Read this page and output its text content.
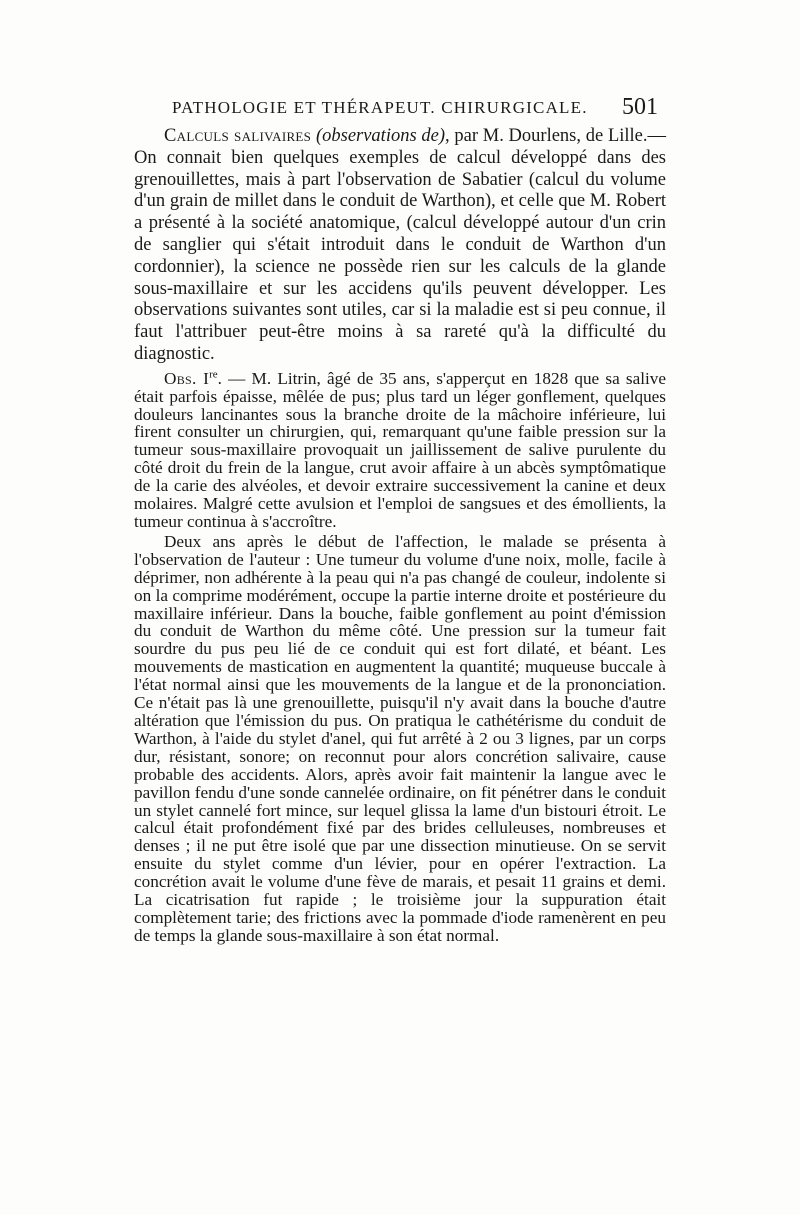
PATHOLOGIE ET THÉRAPEUT. CHIRURGICALE. 501

Calculs salivaires (observations de), par M. Dourlens, de Lille.— On connait bien quelques exemples de calcul développé dans des grenouillettes, mais à part l'observation de Sabatier (calcul du volume d'un grain de millet dans le conduit de Warthon), et celle que M. Robert a présenté à la société anatomique, (calcul développé autour d'un crin de sanglier qui s'était introduit dans le conduit de Warthon d'un cordonnier), la science ne possède rien sur les calculs de la glande sous-maxillaire et sur les accidens qu'ils peuvent développer. Les observations suivantes sont utiles, car si la maladie est si peu connue, il faut l'attribuer peut-être moins à sa rareté qu'à la difficulté du diagnostic.

Obs. Ire. — M. Litrin, âgé de 35 ans, s'apperçut en 1828 que sa salive était parfois épaisse, mêlée de pus; plus tard un léger gonflement, quelques douleurs lancinantes sous la branche droite de la mâchoire inférieure, lui firent consulter un chirurgien, qui, remarquant qu'une faible pression sur la tumeur sous-maxillaire provoquait un jaillissement de salive purulente du côté droit du frein de la langue, crut avoir affaire à un abcès symptômatique de la carie des alvéoles, et devoir extraire successivement la canine et deux molaires. Malgré cette avulsion et l'emploi de sangsues et des émollients, la tumeur continua à s'accroître.

Deux ans après le début de l'affection, le malade se présenta à l'observation de l'auteur : Une tumeur du volume d'une noix, molle, facile à déprimer, non adhérente à la peau qui n'a pas changé de couleur, indolente si on la comprime modérément, occupe la partie interne droite et postérieure du maxillaire inférieur. Dans la bouche, faible gonflement au point d'émission du conduit de Warthon du même côté. Une pression sur la tumeur fait sourdre du pus peu lié de ce conduit qui est fort dilaté, et béant. Les mouvements de mastication en augmentent la quantité; muqueuse buccale à l'état normal ainsi que les mouvements de la langue et de la prononciation. Ce n'était pas là une grenouillette, puisqu'il n'y avait dans la bouche d'autre altération que l'émission du pus. On pratiqua le cathétérisme du conduit de Warthon, à l'aide du stylet d'anel, qui fut arrêté à 2 ou 3 lignes, par un corps dur, résistant, sonore; on reconnut pour alors concrétion salivaire, cause probable des accidents. Alors, après avoir fait maintenir la langue avec le pavillon fendu d'une sonde cannelée ordinaire, on fit pénétrer dans le conduit un stylet cannelé fort mince, sur lequel glissa la lame d'un bistouri étroit. Le calcul était profondément fixé par des brides celluleuses, nombreuses et denses ; il ne put être isolé que par une dissection minutieuse. On se servit ensuite du stylet comme d'un lévier, pour en opérer l'extraction. La concrétion avait le volume d'une fève de marais, et pesait 11 grains et demi. La cicatrisation fut rapide ; le troisième jour la suppuration était complètement tarie; des frictions avec la pommade d'iode ramenèrent en peu de temps la glande sous-maxillaire à son état normal.
